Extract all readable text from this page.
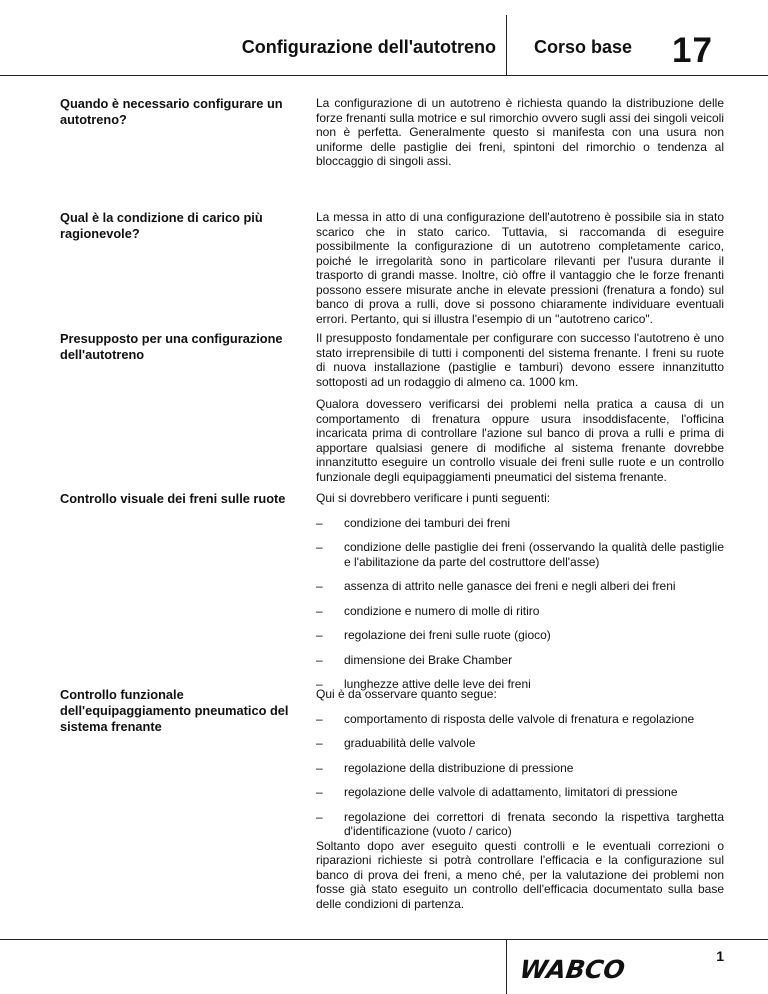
Configurazione dell'autotreno Corso base 17
Quando è necessario configurare un autotreno?

La configurazione di un autotreno è richiesta quando la distribuzione delle forze frenanti sulla motrice e sul rimorchio ovvero sugli assi dei singoli veicoli non è perfetta. Generalmente questo si manifesta con una usura non uniforme delle pastiglie dei freni, spintoni del rimorchio o tendenza al bloccaggio di singoli assi.

Qual è la condizione di carico più ragionevole?

La messa in atto di una configurazione dell'autotreno è possibile sia in stato scarico che in stato carico. Tuttavia, si raccomanda di eseguire possibilmente la configurazione di un autotreno completamente carico, poiché le irregolarità sono in particolare rilevanti per l'usura durante il trasporto di grandi masse. Inoltre, ciò offre il vantaggio che le forze frenanti possono essere misurate anche in elevate pressioni (frenatura a fondo) sul banco di prova a rulli, dove si possono chiaramente individuare eventuali errori. Pertanto, qui si illustra l'esempio di un "autotreno carico".

Presupposto per una configurazione dell'autotreno

Il presupposto fondamentale per configurare con successo l'autotreno è uno stato irreprensibile di tutti i componenti del sistema frenante. I freni su ruote di nuova installazione (pastiglie e tamburi) devono essere innanzitutto sottoposti ad un rodaggio di almeno ca. 1000 km.

Qualora dovessero verificarsi dei problemi nella pratica a causa di un comportamento di frenatura oppure usura insoddisfacente, l'officina incaricata prima di controllare l'azione sul banco di prova a rulli e prima di apportare qualsiasi genere di modifiche al sistema frenante dovrebbe innanzitutto eseguire un controllo visuale dei freni sulle ruote e un controllo funzionale degli equipaggiamenti pneumatici del sistema frenante.

Controllo visuale dei freni sulle ruote	Qui si dovrebbero verificare i punti seguenti:

– condizione dei tamburi dei freni
– condizione delle pastiglie dei freni (osservando la qualità delle pastiglie e l'abilitazione da parte del costruttore dell'asse)
– assenza di attrito nelle ganasce dei freni e negli alberi dei freni
– condizione e numero di molle di ritiro
– regolazione dei freni sulle ruote (gioco)
– dimensione dei Brake Chamber
– lunghezze attive delle leve dei freni
Controllo funzionale dell'equipaggiamento pneumatico del sistema frenante

Qui è da osservare quanto segue:

– comportamento di risposta delle valvole di frenatura e regolazione
– graduabilità delle valvole
– regolazione della distribuzione di pressione
– regolazione delle valvole di adattamento, limitatori di pressione
– regolazione dei correttori di frenata secondo la rispettiva targhetta d'identificazione (vuoto / carico)

Soltanto dopo aver eseguito questi controlli e le eventuali correzioni o riparazioni richieste si potrà controllare l'efficacia e la configurazione sul banco di prova dei freni, a meno ché, per la valutazione dei problemi non fosse già stato eseguito un controllo dell'efficacia documentato sulla base delle condizioni di partenza.

WABCO	1
